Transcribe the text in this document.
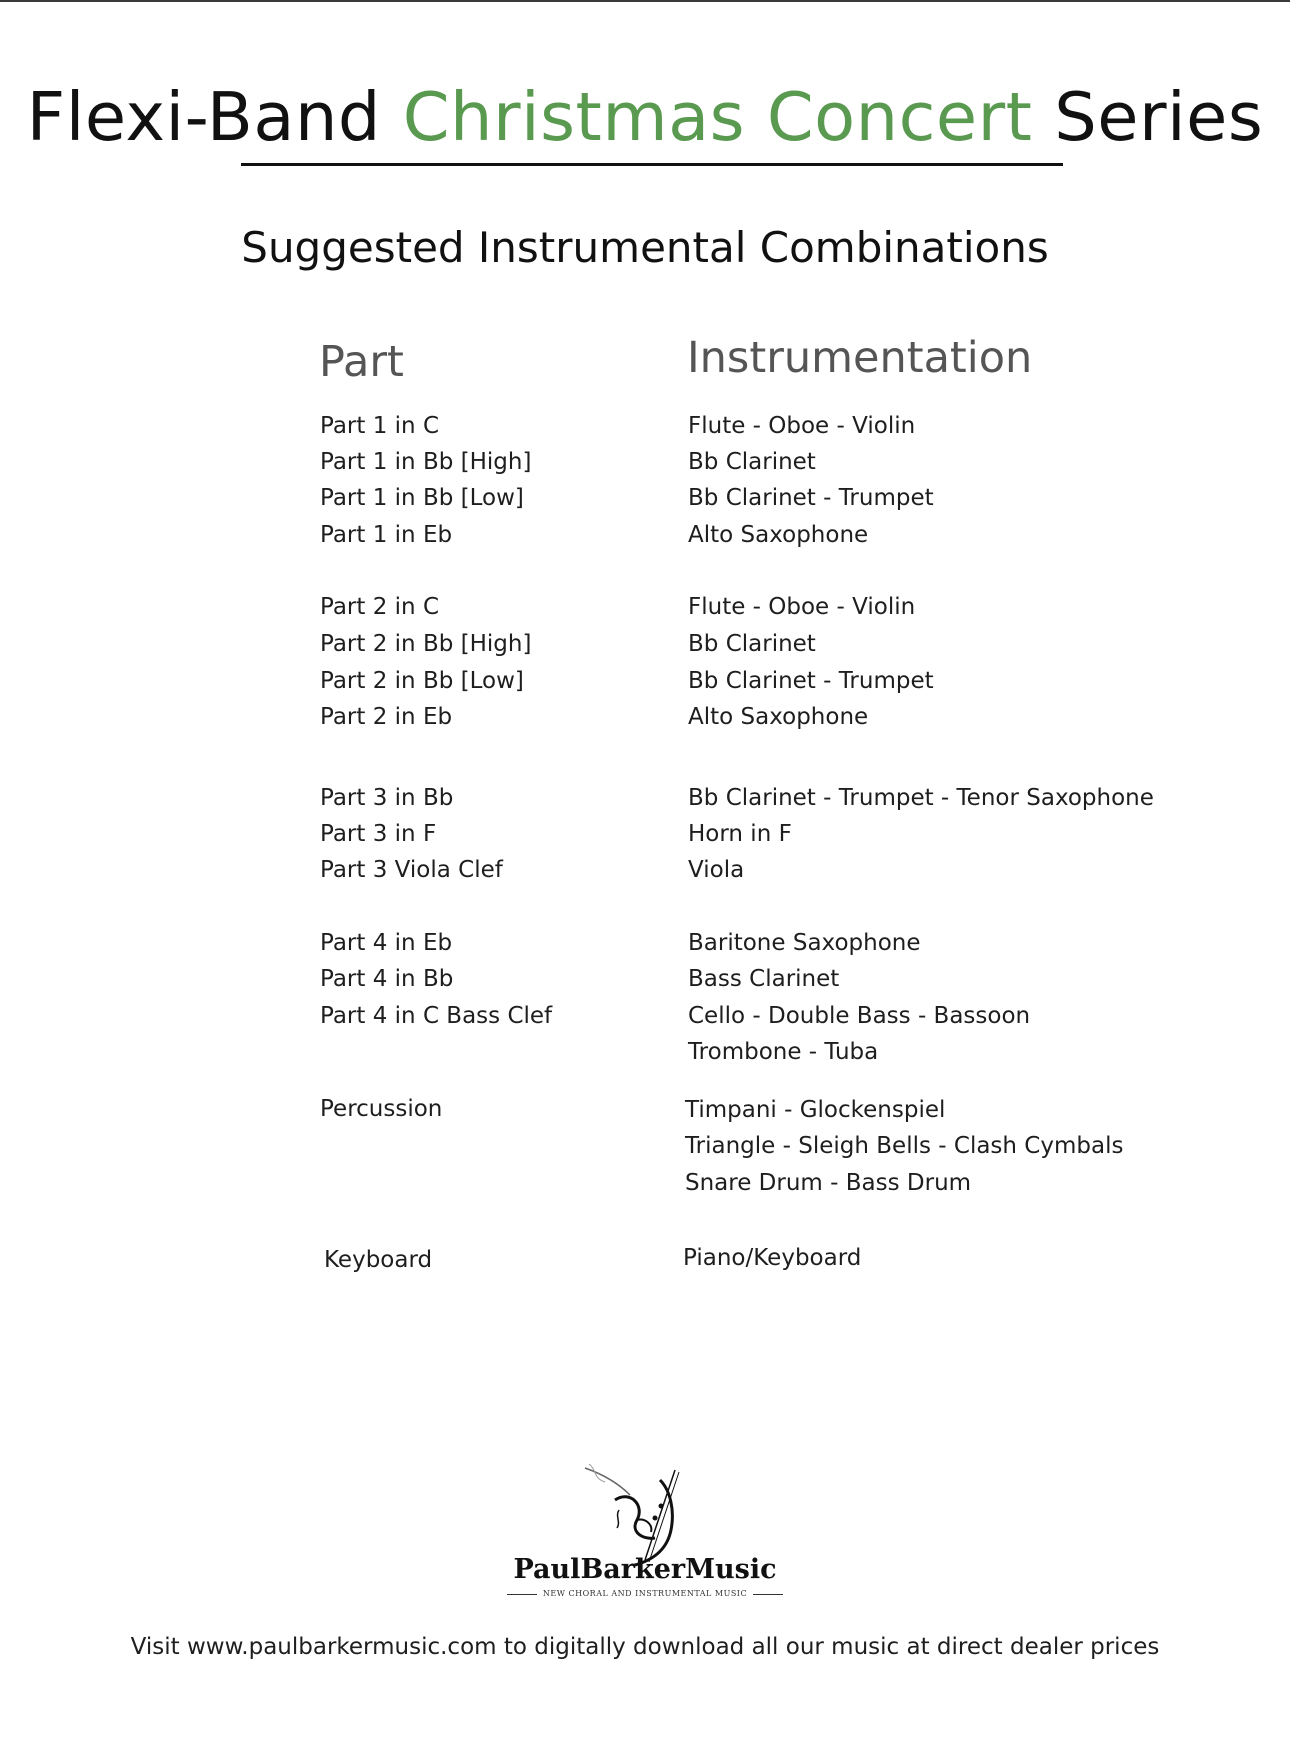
Flexi-Band Christmas Concert Series
Suggested Instrumental Combinations
Part	Instrumentation
Part 1 in C
Part 1 in Bb [High]
Part 1 in Bb [Low]
Part 1 in Eb
Part 2 in C
Part 2 in Bb [High]
Part 2 in Bb [Low]
Part 2 in Eb
Part 3 in Bb
Part 3 in F
Part 3 Viola Clef
Part 4 in Eb
Part 4 in Bb
Part 4 in C Bass Clef
Percussion
Keyboard
Flute - Oboe - Violin
Bb Clarinet
Bb Clarinet - Trumpet
Alto Saxophone
Flute - Oboe - Violin
Bb Clarinet
Bb Clarinet - Trumpet
Alto Saxophone
Bb Clarinet - Trumpet - Tenor Saxophone
Horn in F
Viola
Baritone Saxophone
Bass Clarinet
Cello - Double Bass - Bassoon
Trombone - Tuba
Timpani - Glockenspiel
Triangle - Sleigh Bells - Clash Cymbals
Snare Drum - Bass Drum
Piano/Keyboard
PaulBarkerMusic
NEW CHORAL AND INSTRUMENTAL MUSIC
Visit www.paulbarkermusic.com to digitally download all our music at direct dealer prices
